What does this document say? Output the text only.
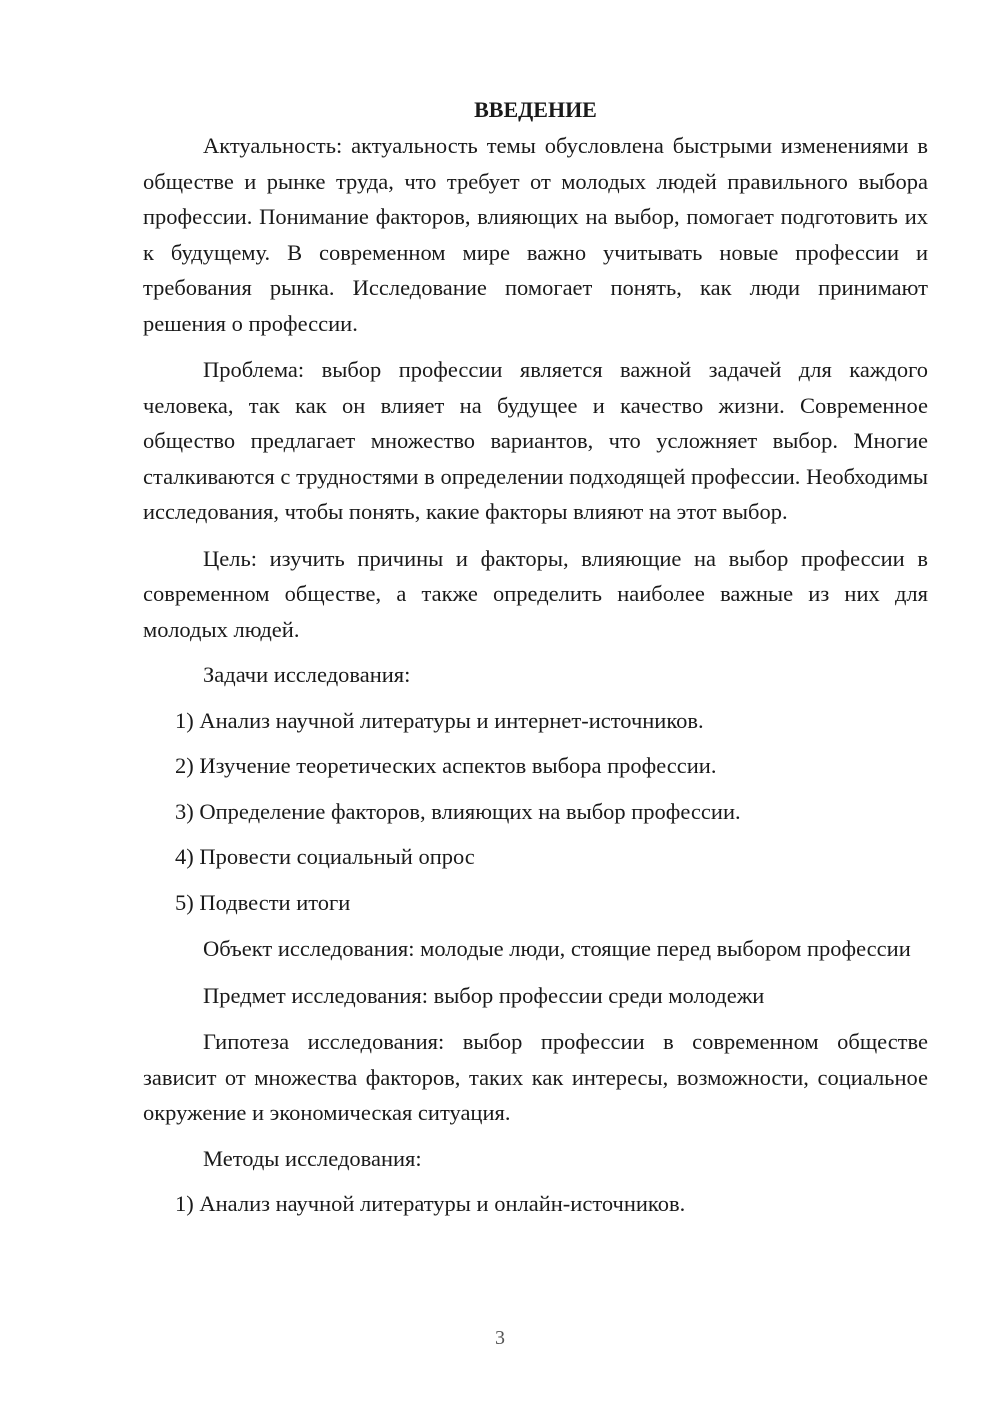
ВВЕДЕНИЕ

Актуальность: актуальность темы обусловлена быстрыми изменениями в обществе и рынке труда, что требует от молодых людей правильного выбора профессии. Понимание факторов, влияющих на выбор, помогает подготовить их к будущему. В современном мире важно учитывать новые профессии и требования рынка. Исследование помогает понять, как люди принимают решения о профессии.

Проблема: выбор профессии является важной задачей для каждого человека, так как он влияет на будущее и качество жизни. Современное общество предлагает множество вариантов, что усложняет выбор. Многие сталкиваются с трудностями в определении подходящей профессии. Необходимы исследования, чтобы понять, какие факторы влияют на этот выбор.

Цель: изучить причины и факторы, влияющие на выбор профессии в современном обществе, а также определить наиболее важные из них для молодых людей.

Задачи исследования:

1) Анализ научной литературы и интернет-источников.

2) Изучение теоретических аспектов выбора профессии.

3) Определение факторов, влияющих на выбор профессии.

4) Провести социальный опрос

5) Подвести итоги

Объект исследования: молодые люди, стоящие перед выбором профессии

Предмет исследования: выбор профессии среди молодежи

Гипотеза исследования: выбор профессии в современном обществе зависит от множества факторов, таких как интересы, возможности, социальное окружение и экономическая ситуация.

Методы исследования:

1) Анализ научной литературы и онлайн-источников.

3
